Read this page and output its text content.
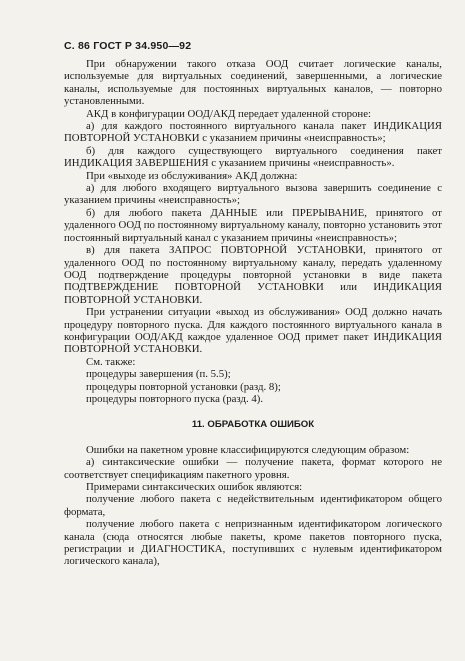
С. 86 ГОСТ Р 34.950—92

При обнаружении такого отказа ООД считает логические каналы, используемые для виртуальных соединений, завершенными, а логические каналы, используемые для постоянных виртуальных каналов, — повторно установленными.

АКД в конфигурации ООД/АКД передает удаленной стороне:

а) для каждого постоянного виртуального канала пакет ИНДИКАЦИЯ ПОВТОРНОЙ УСТАНОВКИ с указанием причины «неисправность»;

б) для каждого существующего виртуального соединения пакет ИНДИКАЦИЯ ЗАВЕРШЕНИЯ с указанием причины «неисправность».

При «выходе из обслуживания» АКД должна:

а) для любого входящего виртуального вызова завершить соединение с указанием причины «неисправность»;

б) для любого пакета ДАННЫЕ или ПРЕРЫВАНИЕ, принятого от удаленного ООД по постоянному виртуальному каналу, повторно установить этот постоянный виртуальный канал с указанием причины «неисправность»;

в) для пакета ЗАПРОС ПОВТОРНОЙ УСТАНОВКИ, принятого от удаленного ООД по постоянному виртуальному каналу, передать удаленному ООД подтверждение процедуры повторной установки в виде пакета ПОДТВЕРЖДЕНИЕ ПОВТОРНОЙ УСТАНОВКИ или ИНДИКАЦИЯ ПОВТОРНОЙ УСТАНОВКИ.

При устранении ситуации «выход из обслуживания» ООД должно начать процедуру повторного пуска. Для каждого постоянного виртуального канала в конфигурации ООД/АКД каждое удаленное ООД примет пакет ИНДИКАЦИЯ ПОВТОРНОЙ УСТАНОВКИ.

См. также:

процедуры завершения (п. 5.5);

процедуры повторной установки (разд. 8);

процедуры повторного пуска (разд. 4).

11. ОБРАБОТКА ОШИБОК

Ошибки на пакетном уровне классифицируются следующим образом:

а) синтаксические ошибки — получение пакета, формат которого не соответствует спецификациям пакетного уровня.

Примерами синтаксических ошибок являются:

получение любого пакета с недействительным идентификатором общего формата,

получение любого пакета с непризнанным идентификатором логического канала (сюда относятся любые пакеты, кроме пакетов повторного пуска, регистрации и ДИАГНОСТИКА, поступивших с нулевым идентификатором логического канала),
